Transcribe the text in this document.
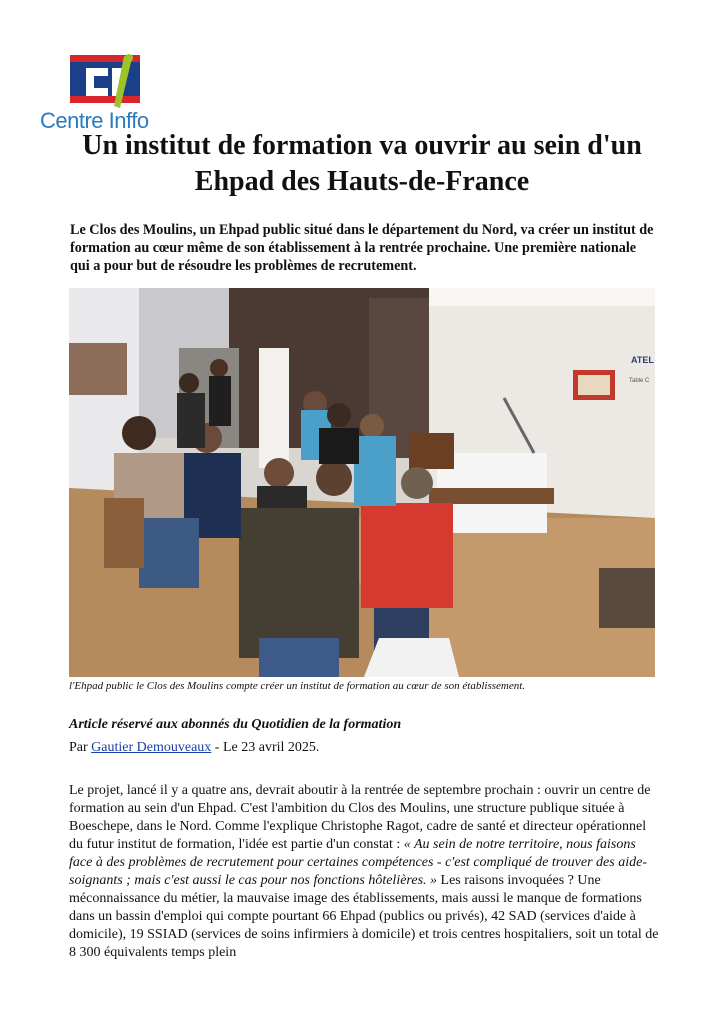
Centre Inffo
Un institut de formation va ouvrir au sein d'un Ehpad des Hauts-de-France

Le Clos des Moulins, un Ehpad public situé dans le département du Nord, va créer un institut de formation au cœur même de son établissement à la rentrée prochaine. Une première nationale qui a pour but de résoudre les problèmes de recrutement.

ATEL
Table C
l'Ehpad public le Clos des Moulins compte créer un institut de formation au cœur de son établissement.
Article réservé aux abonnés du Quotidien de la formation
Par Gautier Demouveaux - Le 23 avril 2025.

Le projet, lancé il y a quatre ans, devrait aboutir à la rentrée de septembre prochain : ouvrir un centre de formation au sein d'un Ehpad. C'est l'ambition du Clos des Moulins, une structure publique située à Boeschepe, dans le Nord. Comme l'explique Christophe Ragot, cadre de santé et directeur opérationnel du futur institut de formation, l'idée est partie d'un constat : « Au sein de notre territoire, nous faisons face à des problèmes de recrutement pour certaines compétences - c'est compliqué de trouver des aide-soignants ; mais c'est aussi le cas pour nos fonctions hôtelières. » Les raisons invoquées ? Une méconnaissance du métier, la mauvaise image des établissements, mais aussi le manque de formations dans un bassin d'emploi qui compte pourtant 66 Ehpad (publics ou privés), 42 SAD (services d'aide à domicile), 19 SSIAD (services de soins infirmiers à domicile) et trois centres hospitaliers, soit un total de 8 300 équivalents temps plein
